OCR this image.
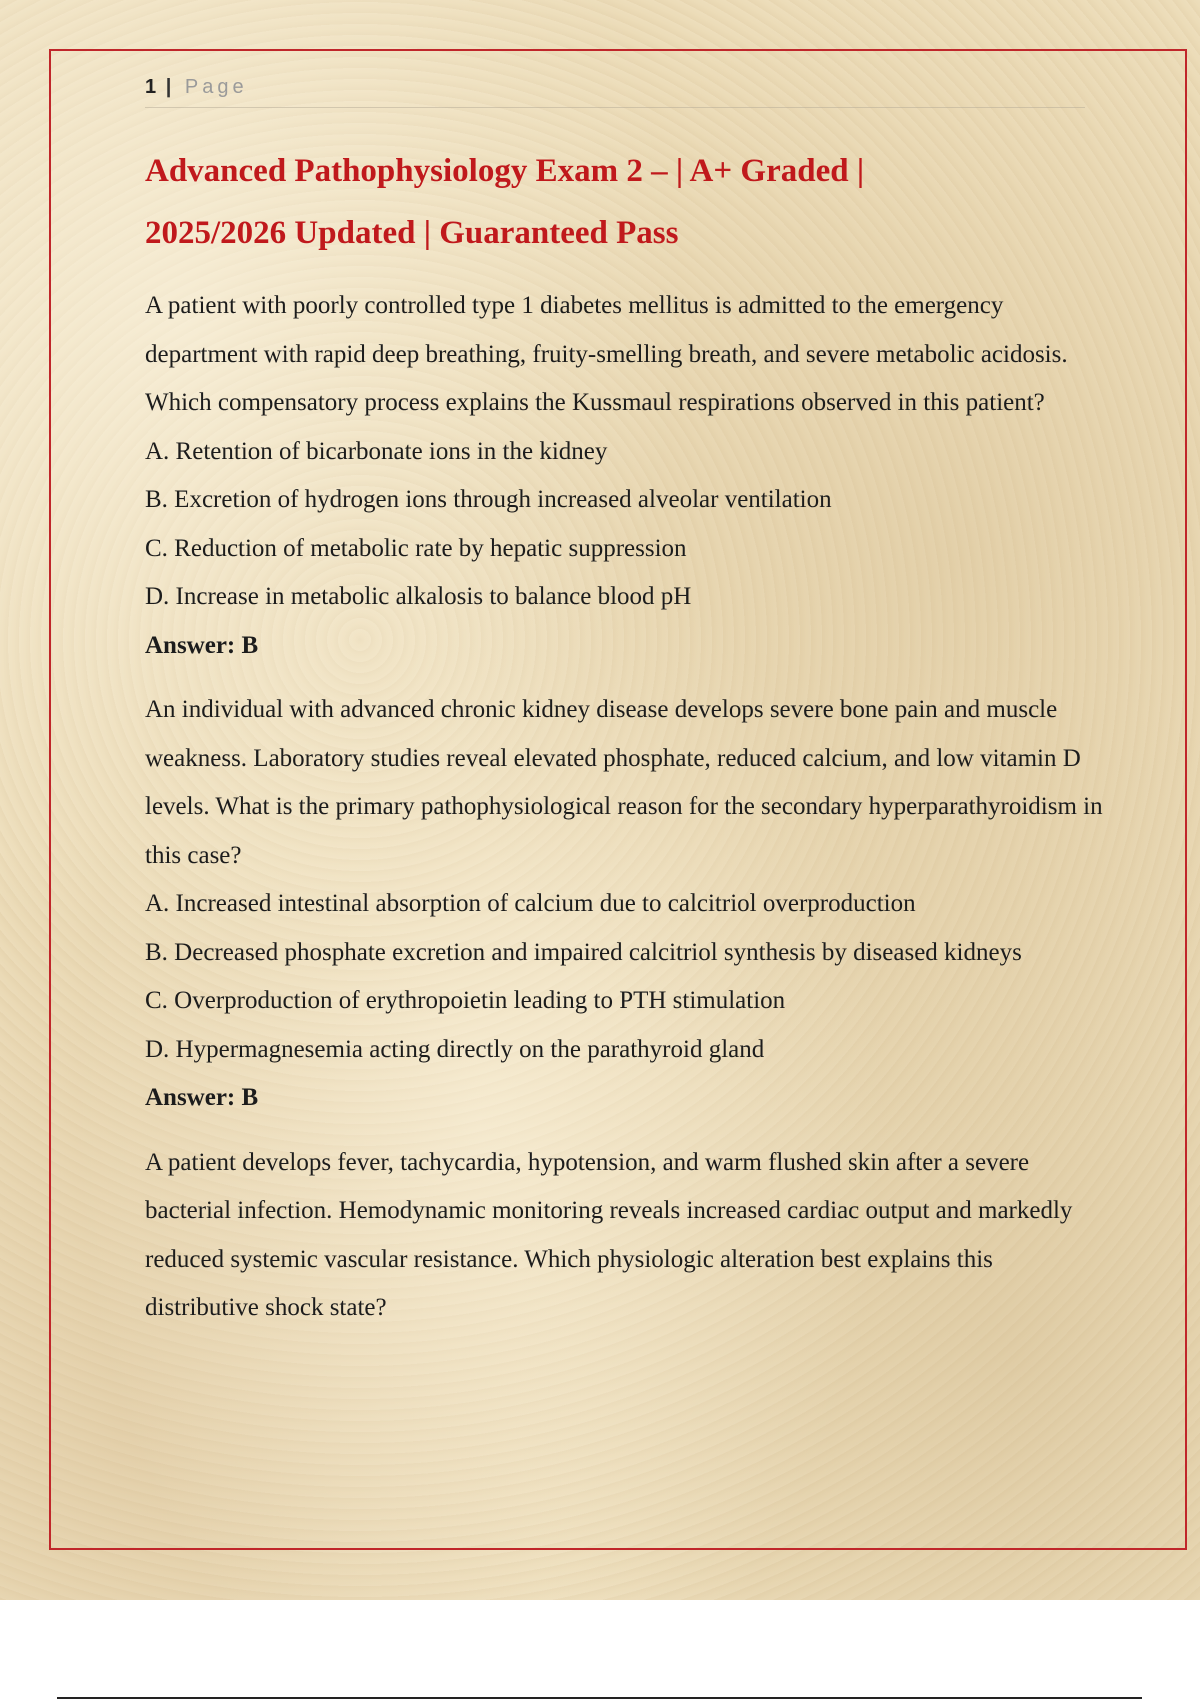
1 | Page
Advanced Pathophysiology Exam 2 – | A+ Graded |
2025/2026 Updated | Guaranteed Pass

A patient with poorly controlled type 1 diabetes mellitus is admitted to the emergency department with rapid deep breathing, fruity-smelling breath, and severe metabolic acidosis. Which compensatory process explains the Kussmaul respirations observed in this patient?

A. Retention of bicarbonate ions in the kidney

B. Excretion of hydrogen ions through increased alveolar ventilation

C. Reduction of metabolic rate by hepatic suppression

D. Increase in metabolic alkalosis to balance blood pH

Answer: B

An individual with advanced chronic kidney disease develops severe bone pain and muscle weakness. Laboratory studies reveal elevated phosphate, reduced calcium, and low vitamin D levels. What is the primary pathophysiological reason for the secondary hyperparathyroidism in this case?

A. Increased intestinal absorption of calcium due to calcitriol overproduction

B. Decreased phosphate excretion and impaired calcitriol synthesis by diseased kidneys

C. Overproduction of erythropoietin leading to PTH stimulation

D. Hypermagnesemia acting directly on the parathyroid gland

Answer: B

A patient develops fever, tachycardia, hypotension, and warm flushed skin after a severe bacterial infection. Hemodynamic monitoring reveals increased cardiac output and markedly reduced systemic vascular resistance. Which physiologic alteration best explains this distributive shock state?
